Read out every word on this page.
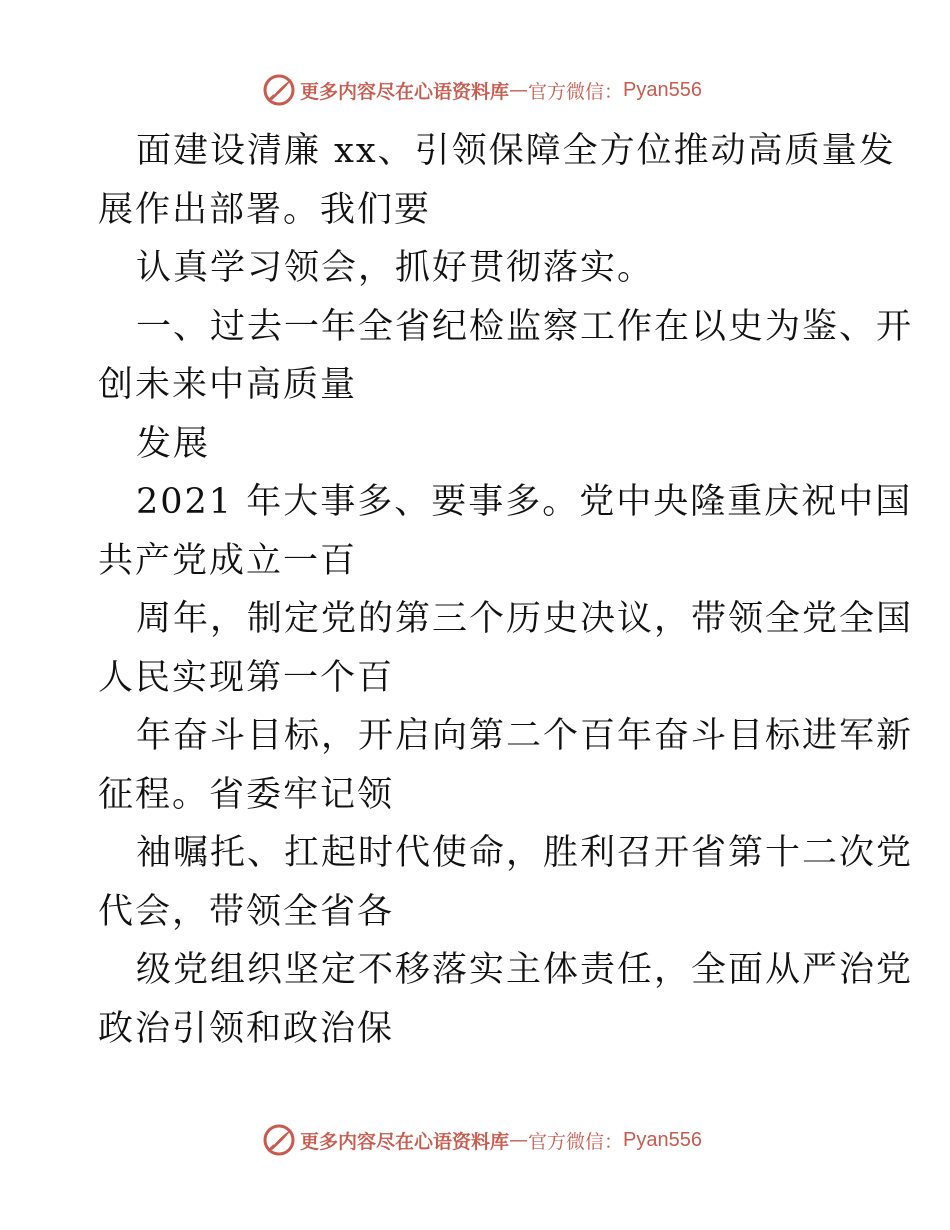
更多内容尽在心语资料库 — 官方微信： Pyan556
面建设清廉 xx、引领保障全方位推动高质量发
展作出部署。我们要
认真学习领会，抓好贯彻落实。
一、过去一年全省纪检监察工作在以史为鉴、开
创未来中高质量
发展
2021 年大事多、要事多。党中央隆重庆祝中国
共产党成立一百
周年，制定党的第三个历史决议，带领全党全国
人民实现第一个百
年奋斗目标，开启向第二个百年奋斗目标进军新
征程。省委牢记领
袖嘱托、扛起时代使命，胜利召开省第十二次党
代会，带领全省各
级党组织坚定不移落实主体责任，全面从严治党
政治引领和政治保
更多内容尽在心语资料库 — 官方微信： Pyan556
